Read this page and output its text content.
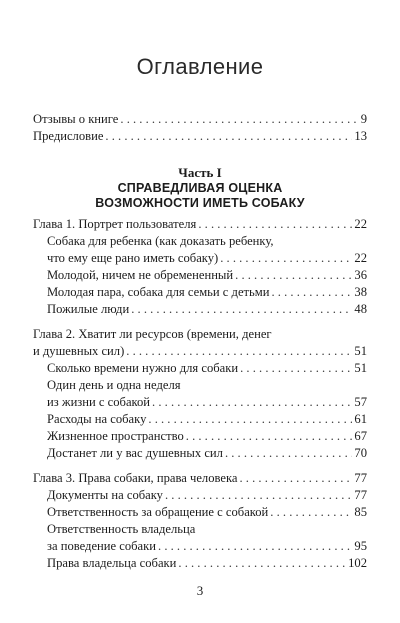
Оглавление
Отзывы о книге . . .	9
Предисловие . . .	13
Часть I
СПРАВЕДЛИВАЯ ОЦЕНКА
ВОЗМОЖНОСТИ ИМЕТЬ СОБАКУ
Глава 1. Портрет пользователя . . .	22
Собака для ребенка (как доказать ребенку,
что ему еще рано иметь собаку) . . .	22
Молодой, ничем не обремененный . . .	36
Молодая пара, собака для семьи с детьми . . .	38
Пожилые люди . . .	48
Глава 2. Хватит ли ресурсов (времени, денег
и душевных сил) . . .	51
Сколько времени нужно для собаки . . .	51
Один день и одна неделя
из жизни с собакой . . .	57
Расходы на собаку . . .	61
Жизненное пространство . . .	67
Достанет ли у вас душевных сил . . .	70
Глава 3. Права собаки, права человека . . .	77
Документы на собаку . . .	77
Ответственность за обращение с собакой . . .	85
Ответственность владельца
за поведение собаки . . .	95
Права владельца собаки . . .	102
3
